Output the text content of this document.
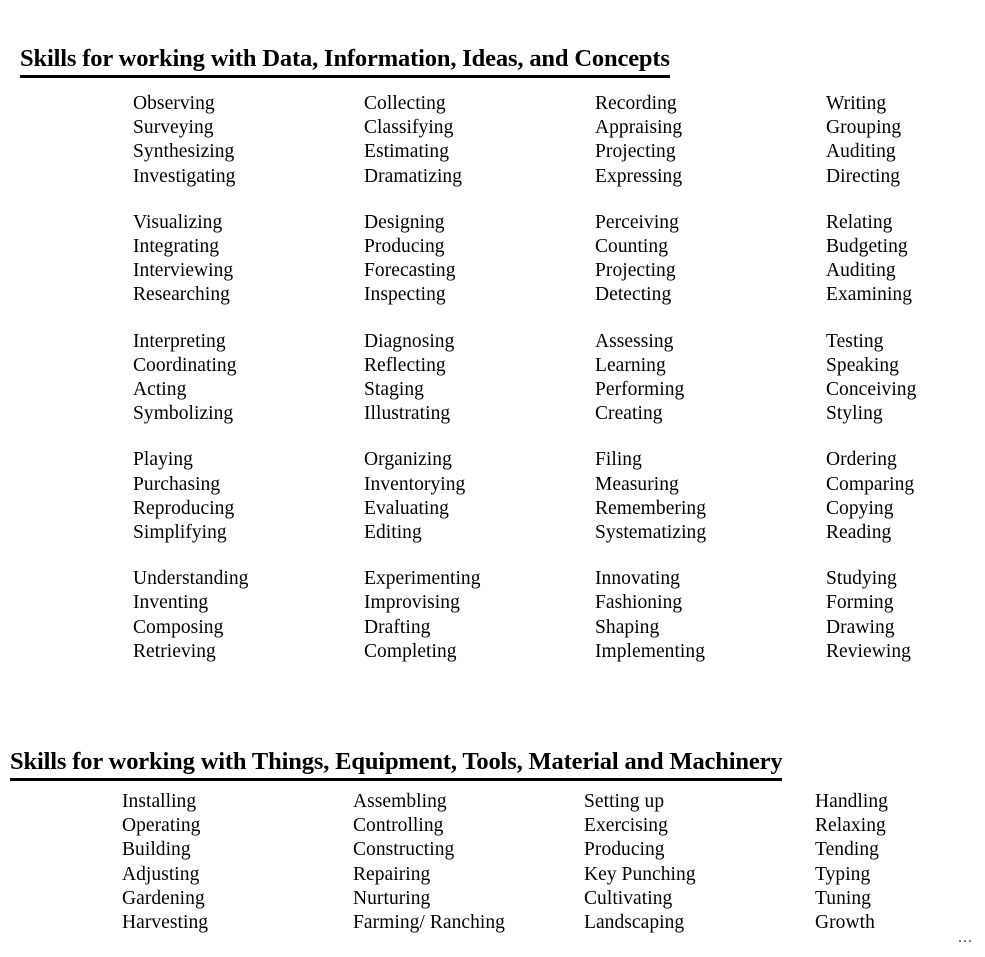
Skills for working with Data, Information, Ideas, and Concepts
Observing
Surveying
Synthesizing
Investigating
Visualizing
Integrating
Interviewing
Researching
Interpreting
Coordinating
Acting
Symbolizing
Playing
Purchasing
Reproducing
Simplifying
Understanding
Inventing
Composing
Retrieving
Collecting
Classifying
Estimating
Dramatizing
Designing
Producing
Forecasting
Inspecting
Diagnosing
Reflecting
Staging
Illustrating
Organizing
Inventorying
Evaluating
Editing
Experimenting
Improvising
Drafting
Completing
Recording
Appraising
Projecting
Expressing
Perceiving
Counting
Projecting
Detecting
Assessing
Learning
Performing
Creating
Filing
Measuring
Remembering
Systematizing
Innovating
Fashioning
Shaping
Implementing
Writing
Grouping
Auditing
Directing
Relating
Budgeting
Auditing
Examining
Testing
Speaking
Conceiving
Styling
Ordering
Comparing
Copying
Reading
Studying
Forming
Drawing
Reviewing
Skills for working with Things, Equipment, Tools, Material and Machinery
Installing
Operating
Building
Adjusting
Gardening
Harvesting
Assembling
Controlling
Constructing
Repairing
Nurturing
Farming/ Ranching
Setting up
Exercising
Producing
Key Punching
Cultivating
Landscaping
Handling
Relaxing
Tending
Typing
Tuning
Growth
...
